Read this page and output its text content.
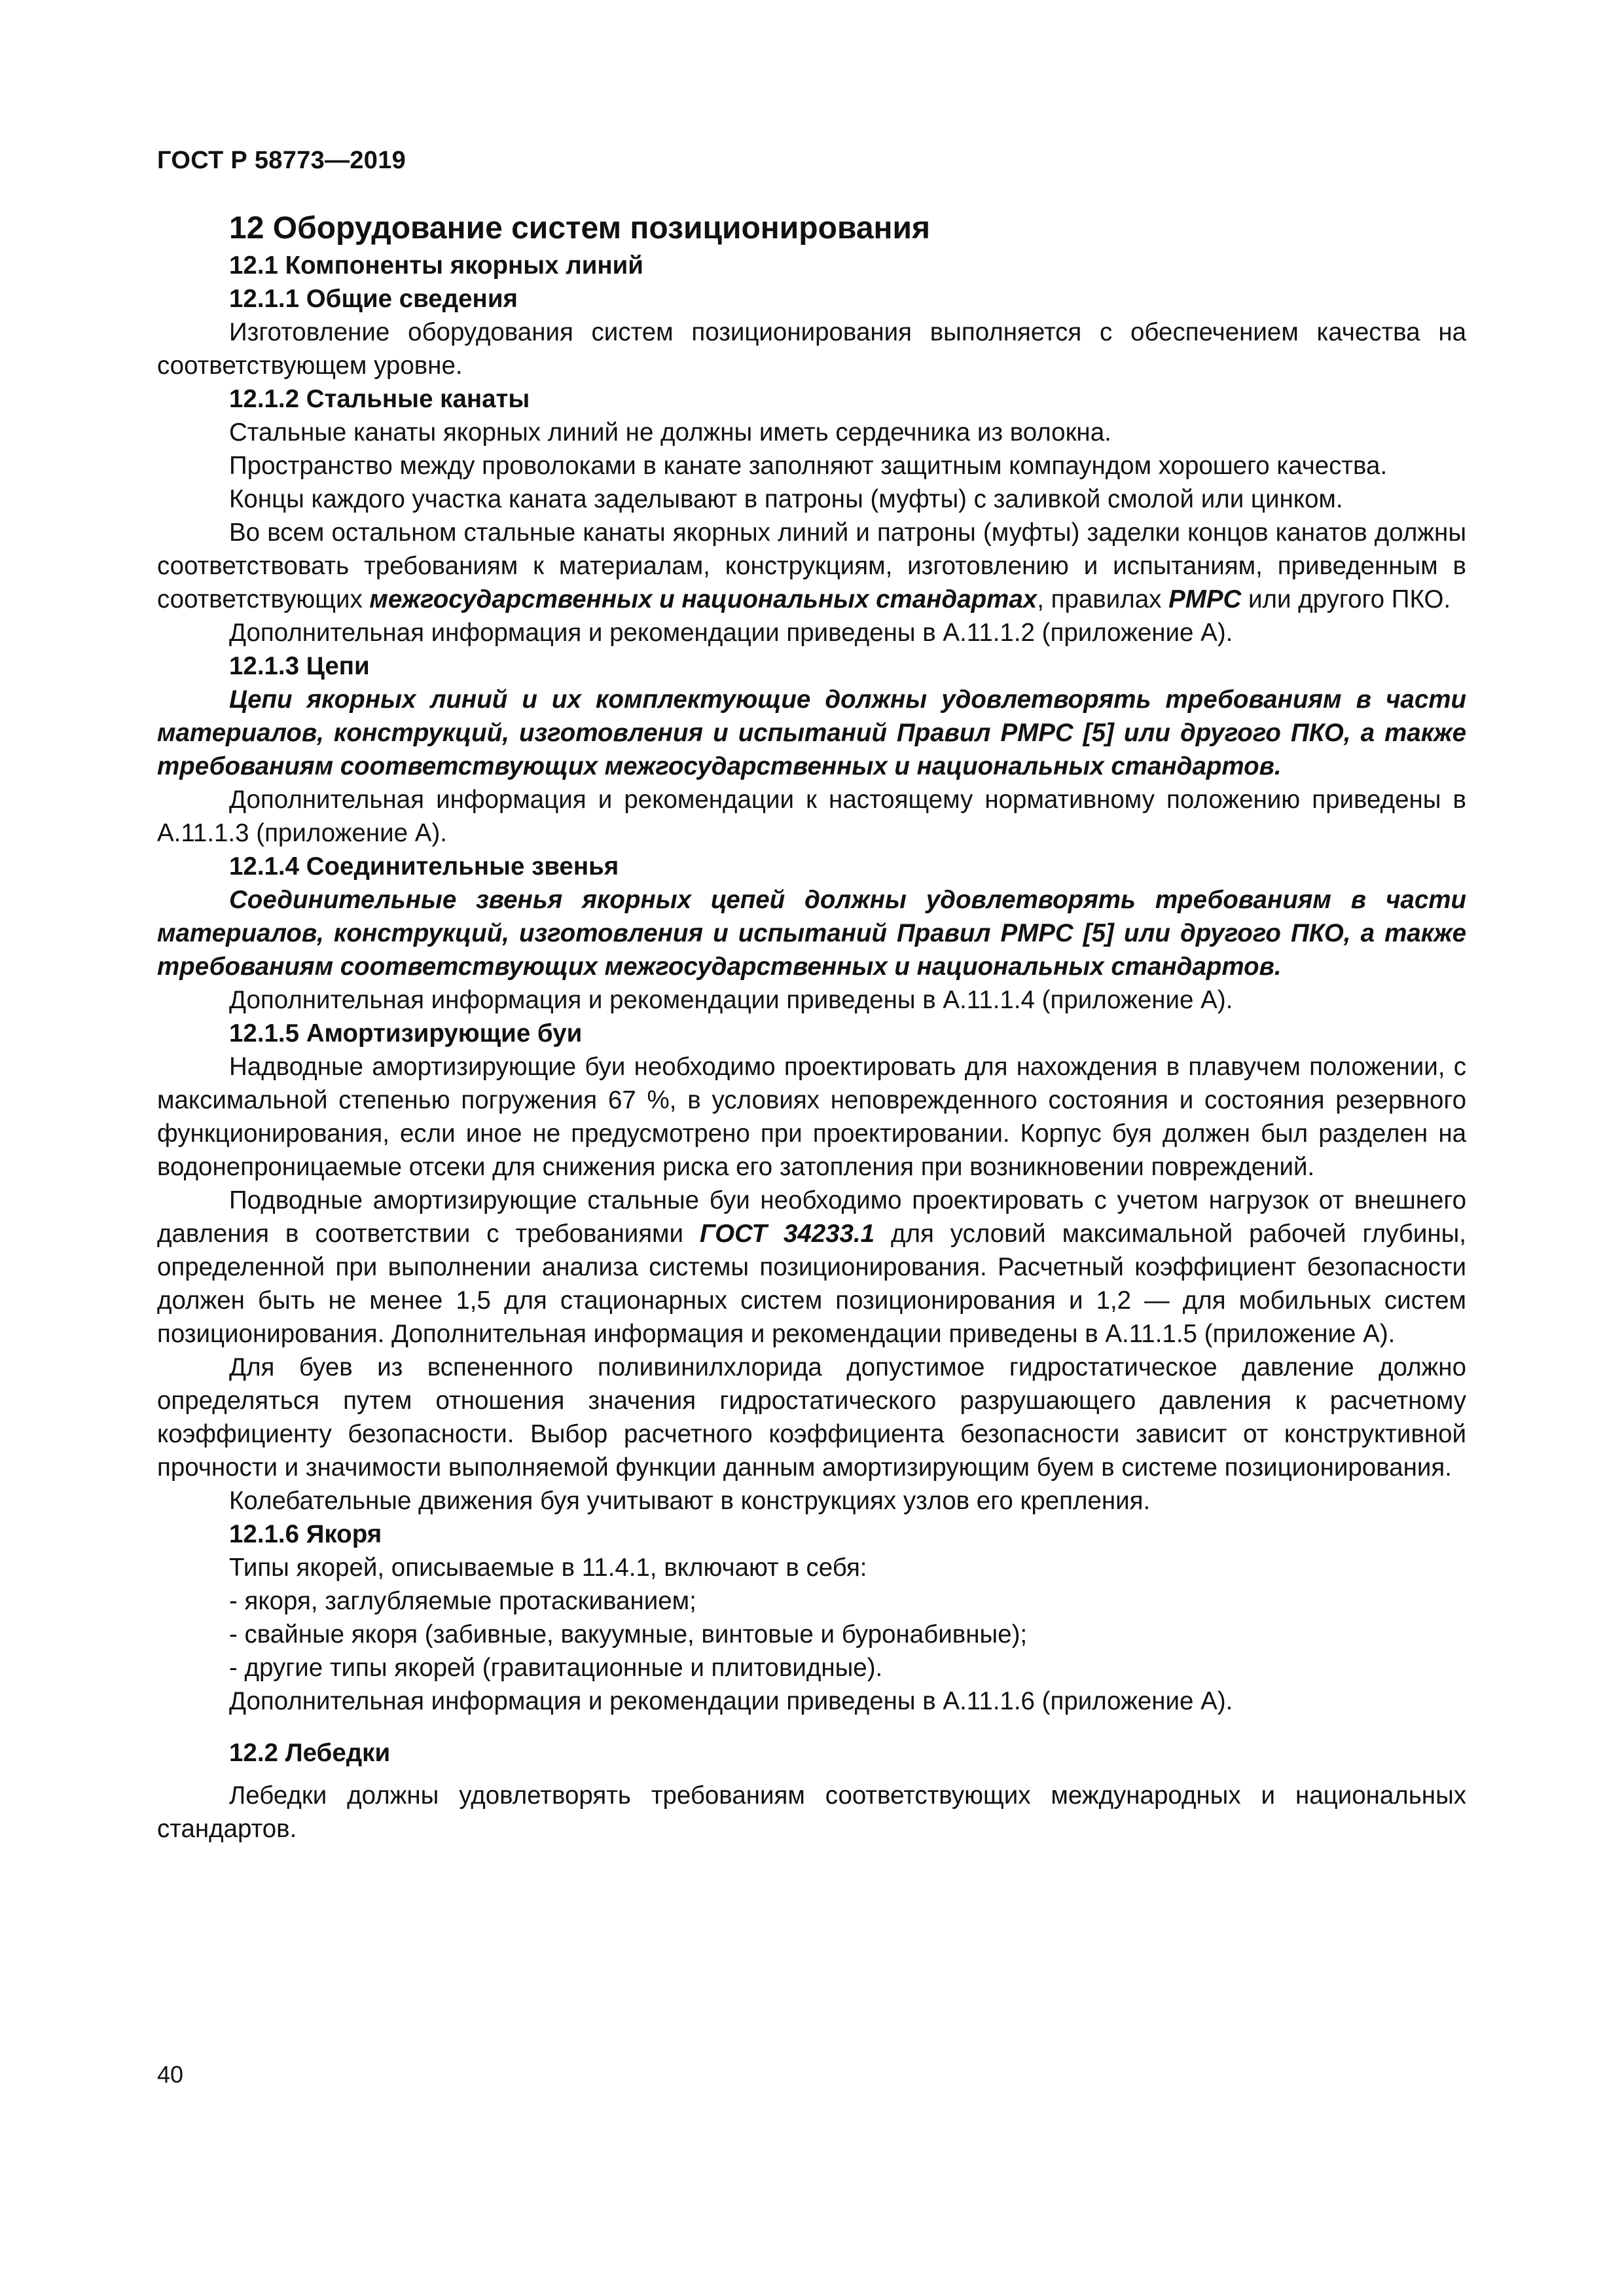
ГОСТ Р 58773—2019

12 Оборудование систем позиционирования

12.1 Компоненты якорных линий

12.1.1 Общие сведения

Изготовление оборудования систем позиционирования выполняется с обеспечением качества на соответствующем уровне.

12.1.2 Стальные канаты

Стальные канаты якорных линий не должны иметь сердечника из волокна.

Пространство между проволоками в канате заполняют защитным компаундом хорошего качества.

Концы каждого участка каната заделывают в патроны (муфты) с заливкой смолой или цинком.

Во всем остальном стальные канаты якорных линий и патроны (муфты) заделки концов канатов должны соответствовать требованиям к материалам, конструкциям, изготовлению и испытаниям, приведенным в соответствующих межгосударственных и национальных стандартах, правилах РМРС или другого ПКО.

Дополнительная информация и рекомендации приведены в А.11.1.2 (приложение А).

12.1.3 Цепи

Цепи якорных линий и их комплектующие должны удовлетворять требованиям в части материалов, конструкций, изготовления и испытаний Правил РМРС [5] или другого ПКО, а также требованиям соответствующих межгосударственных и национальных стандартов.

Дополнительная информация и рекомендации к настоящему нормативному положению приведены в А.11.1.3 (приложение А).

12.1.4 Соединительные звенья

Соединительные звенья якорных цепей должны удовлетворять требованиям в части материалов, конструкций, изготовления и испытаний Правил РМРС [5] или другого ПКО, а также требованиям соответствующих межгосударственных и национальных стандартов.

Дополнительная информация и рекомендации приведены в А.11.1.4 (приложение А).

12.1.5 Амортизирующие буи

Надводные амортизирующие буи необходимо проектировать для нахождения в плавучем положении, с максимальной степенью погружения 67 %, в условиях неповрежденного состояния и состояния резервного функционирования, если иное не предусмотрено при проектировании. Корпус буя должен был разделен на водонепроницаемые отсеки для снижения риска его затопления при возникновении повреждений.

Подводные амортизирующие стальные буи необходимо проектировать с учетом нагрузок от внешнего давления в соответствии с требованиями ГОСТ 34233.1 для условий максимальной рабочей глубины, определенной при выполнении анализа системы позиционирования. Расчетный коэффициент безопасности должен быть не менее 1,5 для стационарных систем позиционирования и 1,2 — для мобильных систем позиционирования. Дополнительная информация и рекомендации приведены в А.11.1.5 (приложение А).

Для буев из вспененного поливинилхлорида допустимое гидростатическое давление должно определяться путем отношения значения гидростатического разрушающего давления к расчетному коэффициенту безопасности. Выбор расчетного коэффициента безопасности зависит от конструктивной прочности и значимости выполняемой функции данным амортизирующим буем в системе позиционирования.

Колебательные движения буя учитывают в конструкциях узлов его крепления.

12.1.6 Якоря

Типы якорей, описываемые в 11.4.1, включают в себя:

- якоря, заглубляемые протаскиванием;

- свайные якоря (забивные, вакуумные, винтовые и буронабивные);

- другие типы якорей (гравитационные и плитовидные).

Дополнительная информация и рекомендации приведены в А.11.1.6 (приложение А).

12.2 Лебедки

Лебедки должны удовлетворять требованиям соответствующих международных и национальных стандартов.

40
